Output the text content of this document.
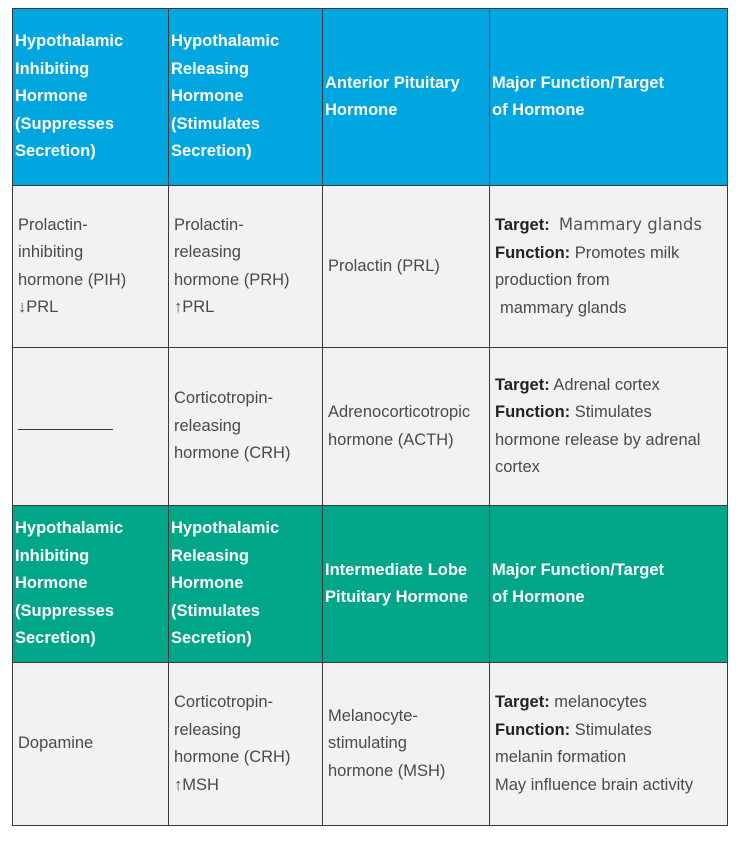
Hypothalamic
Inhibiting
Hormone
(Suppresses
Secretion)	Hypothalamic
Releasing
Hormone
(Stimulates
Secretion)	Anterior Pituitary
Hormone	Major Function/Target
of Hormone

Prolactin-
inhibiting
hormone (PIH)
↓PRL	Prolactin-
releasing
hormone (PRH)
↑PRL	Prolactin (PRL)	Target: Mammary glands
Function: Promotes milk
production from
mammary glands

	Corticotropin-
releasing
hormone (CRH)	Adrenocorticotropic
hormone (ACTH)	Target: Adrenal cortex
Function: Stimulates
hormone release by adrenal
cortex

Hypothalamic
Inhibiting
Hormone
(Suppresses
Secretion)	Hypothalamic
Releasing
Hormone
(Stimulates
Secretion)	Intermediate Lobe
Pituitary Hormone	Major Function/Target
of Hormone

Dopamine	Corticotropin-
releasing
hormone (CRH)
↑MSH	Melanocyte-
stimulating
hormone (MSH)	Target: melanocytes
Function: Stimulates
melanin formation
May influence brain activity
